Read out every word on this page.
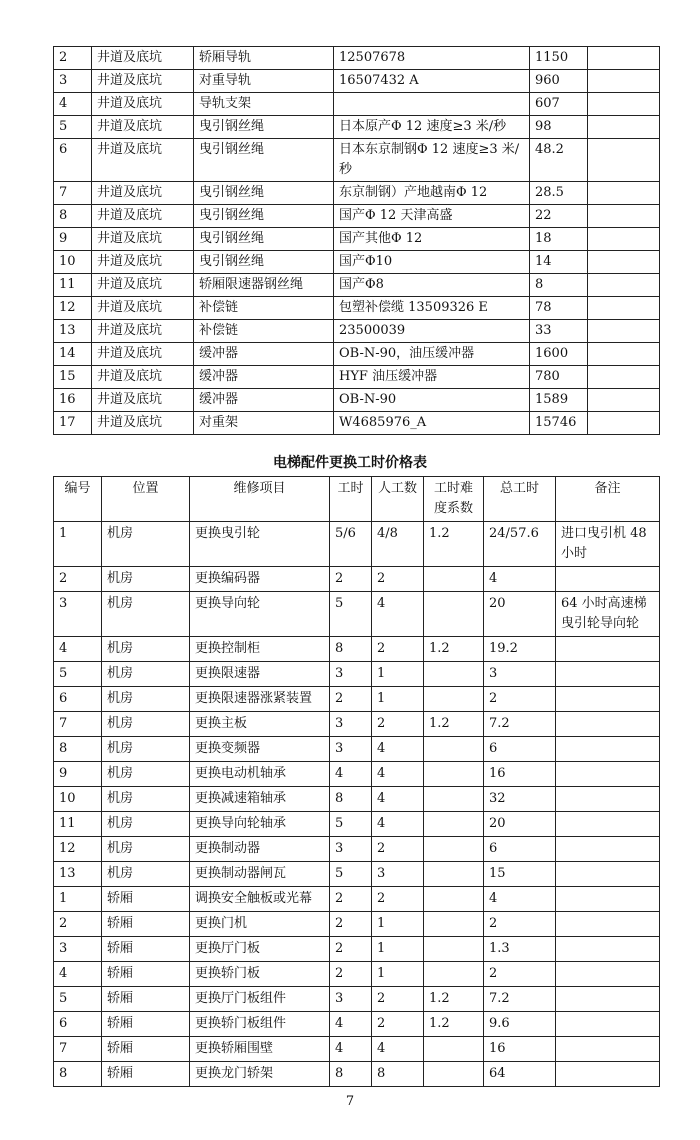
2	井道及底坑	轿厢导轨	12507678	1150	
3	井道及底坑	对重导轨	16507432 A	960	
4	井道及底坑	导轨支架		607	
5	井道及底坑	曳引钢丝绳	日本原产Φ 12 速度≥3 米/秒	98	
6	井道及底坑	曳引钢丝绳	日本东京制钢Φ 12 速度≥3 米/秒	48.2	
7	井道及底坑	曳引钢丝绳	东京制钢）产地越南Φ 12	28.5	
8	井道及底坑	曳引钢丝绳	国产Φ 12 天津高盛	22	
9	井道及底坑	曳引钢丝绳	国产其他Φ 12	18	
10	井道及底坑	曳引钢丝绳	国产Φ10	14	
11	井道及底坑	轿厢限速器钢丝绳	国产Φ8	8	
12	井道及底坑	补偿链	包塑补偿缆 13509326 E	78	
13	井道及底坑	补偿链	23500039	33	
14	井道及底坑	缓冲器	OB-N-90，油压缓冲器	1600	
15	井道及底坑	缓冲器	HYF 油压缓冲器	780	
16	井道及底坑	缓冲器	OB-N-90	1589	
17	井道及底坑	对重架	W4685976_A	15746	
电梯配件更换工时价格表
编号	位置	维修项目	工时	人工数	工时难度系数	总工时	备注
1	机房	更换曳引轮	5/6	4/8	1.2	24/57.6	进口曳引机 48 小时
2	机房	更换编码器	2	2		4	
3	机房	更换导向轮	5	4		20	64 小时高速梯曳引轮导向轮
4	机房	更换控制柜	8	2	1.2	19.2	
5	机房	更换限速器	3	1		3	
6	机房	更换限速器涨紧装置	2	1		2	
7	机房	更换主板	3	2	1.2	7.2	
8	机房	更换变频器	3	4		6	
9	机房	更换电动机轴承	4	4		16	
10	机房	更换减速箱轴承	8	4		32	
11	机房	更换导向轮轴承	5	4		20	
12	机房	更换制动器	3	2		6	
13	机房	更换制动器闸瓦	5	3		15	
1	轿厢	调换安全触板或光幕	2	2		4	
2	轿厢	更换门机	2	1		2	
3	轿厢	更换厅门板	2	1		1.3	
4	轿厢	更换轿门板	2	1		2	
5	轿厢	更换厅门板组件	3	2	1.2	7.2	
6	轿厢	更换轿门板组件	4	2	1.2	9.6	
7	轿厢	更换轿厢围壁	4	4		16	
8	轿厢	更换龙门轿架	8	8		64	
7
